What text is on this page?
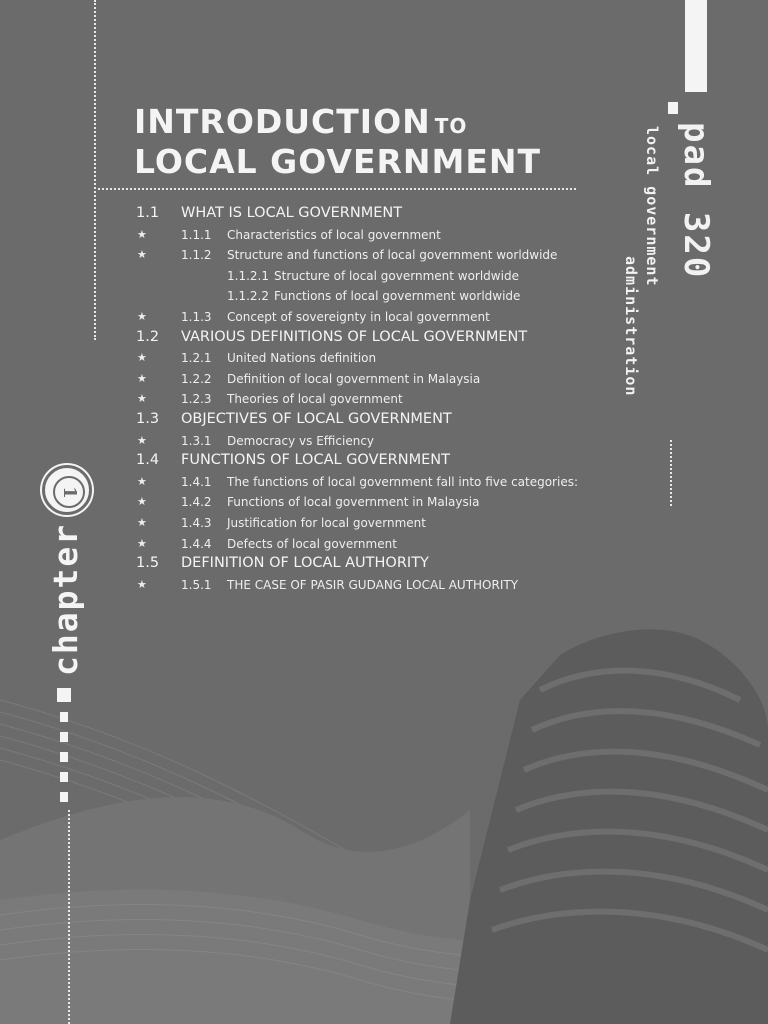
INTRODUCTION TO
LOCAL GOVERNMENT
1.1 WHAT IS LOCAL GOVERNMENT
★	1.1.1 Characteristics of local government
★	1.1.2 Structure and functions of local government worldwide
1.1.2.1 Structure of local government worldwide
1.1.2.2 Functions of local government worldwide
★	1.1.3 Concept of sovereignty in local government
1.2 VARIOUS DEFINITIONS OF LOCAL GOVERNMENT
★	1.2.1 United Nations definition
★	1.2.2 Definition of local government in Malaysia
★	1.2.3 Theories of local government
1.3 OBJECTIVES OF LOCAL GOVERNMENT
★	1.3.1 Democracy vs Efficiency
1.4 FUNCTIONS OF LOCAL GOVERNMENT
★	1.4.1 The functions of local government fall into five categories:
★	1.4.2 Functions of local government in Malaysia
★	1.4.3 Justification for local government
★	1.4.4 Defects of local government
1.5 DEFINITION OF LOCAL AUTHORITY
★	1.5.1 THE CASE OF PASIR GUDANG LOCAL AUTHORITY
pad 320
local government
administration
1
chapter
